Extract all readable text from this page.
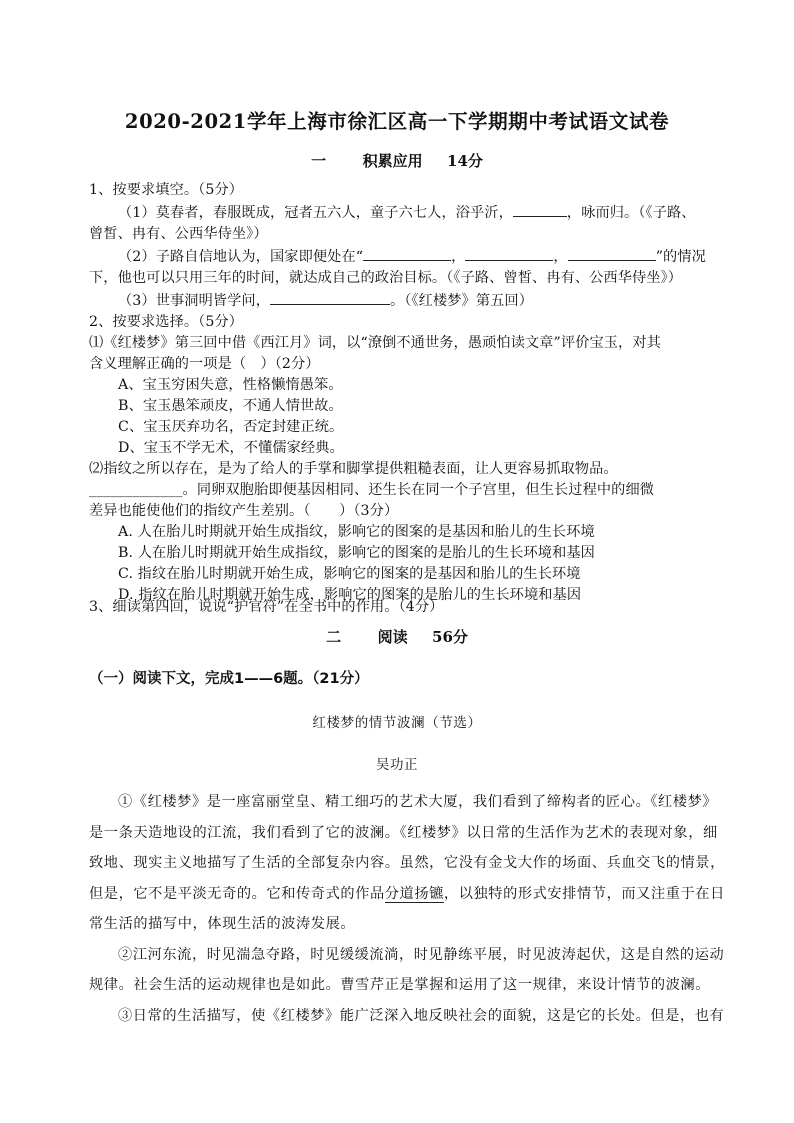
2020-2021学年上海市徐汇区高一下学期期中考试语文试卷
一 积累应用 14分
1、按要求填空。（5分）
（1）莫春者，春服既成，冠者五六人，童子六七人，浴乎沂，	，咏而归。（《子路、
曾皙、冉有、公西华侍坐》）
（2）子路自信地认为，国家即便处在“	，	，	”的情况
下，他也可以只用三年的时间，就达成自己的政治目标。（《子路、曾皙、冉有、公西华侍坐》）
（3）世事洞明皆学问，	。（《红楼梦》第五回）
2、按要求选择。（5分）
⑴《红楼梦》第三回中借《西江月》词，以“潦倒不通世务，愚顽怕读文章”评价宝玉，对其
含义理解正确的一项是（　）（2分）
A、宝玉穷困失意，性格懒惰愚笨。
B、宝玉愚笨顽皮，不通人情世故。
C、宝玉厌弃功名，否定封建正统。
D、宝玉不学无术，不懂儒家经典。
⑵指纹之所以存在，是为了给人的手掌和脚掌提供粗糙表面，让人更容易抓取物品。
_____________。同卵双胞胎即便基因相同、还生长在同一个子宫里，但生长过程中的细微
差异也能使他们的指纹产生差别。（　　）（3分）
A. 人在胎儿时期就开始生成指纹，影响它的图案的是基因和胎儿的生长环境
B. 人在胎儿时期就开始生成指纹，影响它的图案的是胎儿的生长环境和基因
C. 指纹在胎儿时期就开始生成，影响它的图案的是基因和胎儿的生长环境
D. 指纹在胎儿时期就开始生成，影响它的图案的是胎儿的生长环境和基因
3、细读第四回，说说“护官符”在全书中的作用。（4分）
二 阅读 56分
（一）阅读下文，完成1——6题。（21分）
红楼梦的情节波澜（节选）
吴功正
①《红楼梦》是一座富丽堂皇、精工细巧的艺术大厦，我们看到了缔构者的匠心。《红楼梦》
是一条天造地设的江流，我们看到了它的波澜。《红楼梦》以日常的生活作为艺术的表现对象，细
致地、现实主义地描写了生活的全部复杂内容。虽然，它没有金戈大作的场面、兵血交飞的情景，
但是，它不是平淡无奇的。它和传奇式的作品分道扬镳，以独特的形式安排情节，而又注重于在日
常生活的描写中，体现生活的波涛发展。
②江河东流，时见湍急夺路，时见缓缓流淌，时见静练平展，时见波涛起伏，这是自然的运动
规律。社会生活的运动规律也是如此。曹雪芹正是掌握和运用了这一规律，来设计情节的波澜。
③日常的生活描写，使《红楼梦》能广泛深入地反映社会的面貌，这是它的长处。但是，也有
